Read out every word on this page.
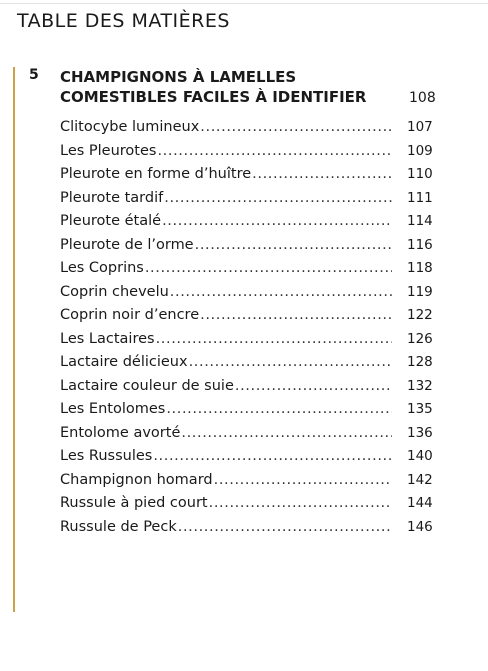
TABLE DES MATIÈRES
5 CHAMPIGNONS À LAMELLES
COMESTIBLES FACILES À IDENTIFIER	108
Clitocybe lumineux .....	107
Les Pleurotes .....	109
Pleurote en forme d’huître .....	110
Pleurote tardif .....	111
Pleurote étalé .....	114
Pleurote de l’orme .....	116
Les Coprins .....	118
Coprin chevelu .....	119
Coprin noir d’encre .....	122
Les Lactaires .....	126
Lactaire délicieux .....	128
Lactaire couleur de suie .....	132
Les Entolomes .....	135
Entolome avorté .....	136
Les Russules .....	140
Champignon homard .....	142
Russule à pied court .....	144
Russule de Peck .....	146
